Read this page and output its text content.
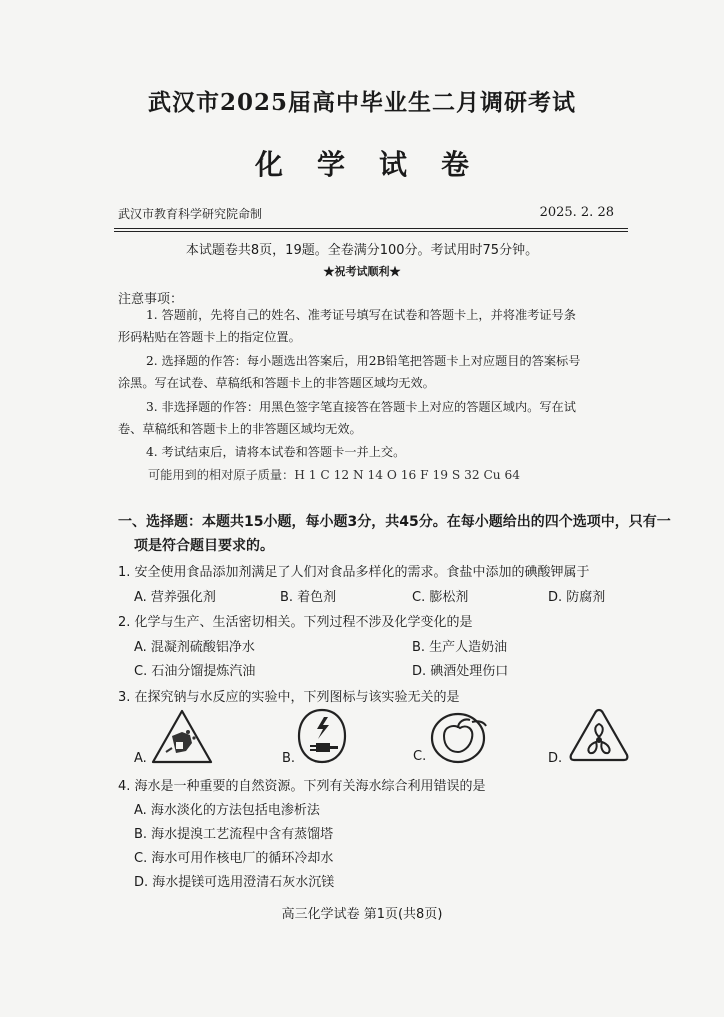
武汉市2025届高中毕业生二月调研考试
化学试卷
武汉市教育科学研究院命制	2025. 2. 28
本试题卷共8页，19题。全卷满分100分。考试用时75分钟。
★祝考试顺利★
注意事项：
1. 答题前，先将自己的姓名、准考证号填写在试卷和答题卡上，并将准考证号条
形码粘贴在答题卡上的指定位置。
2. 选择题的作答：每小题选出答案后，用2B铅笔把答题卡上对应题目的答案标号
涂黑。写在试卷、草稿纸和答题卡上的非答题区域均无效。
3. 非选择题的作答：用黑色签字笔直接答在答题卡上对应的答题区域内。写在试
卷、草稿纸和答题卡上的非答题区域均无效。
4. 考试结束后，请将本试卷和答题卡一并上交。
可能用到的相对原子质量：H 1 C 12 N 14 O 16 F 19 S 32 Cu 64
一、选择题：本题共15小题，每小题3分，共45分。在每小题给出的四个选项中，只有一
项是符合题目要求的。
1. 安全使用食品添加剂满足了人们对食品多样化的需求。食盐中添加的碘酸钾属于
A. 营养强化剂	B. 着色剂	C. 膨松剂	D. 防腐剂
2. 化学与生产、生活密切相关。下列过程不涉及化学变化的是
A. 混凝剂硫酸铝净水	B. 生产人造奶油
C. 石油分馏提炼汽油	D. 碘酒处理伤口
3. 在探究钠与水反应的实验中，下列图标与该实验无关的是
A.	B.	C.	D.
4. 海水是一种重要的自然资源。下列有关海水综合利用错误的是
A. 海水淡化的方法包括电渗析法
B. 海水提溴工艺流程中含有蒸馏塔
C. 海水可用作核电厂的循环冷却水
D. 海水提镁可选用澄清石灰水沉镁
高三化学试卷 第1页(共8页)
